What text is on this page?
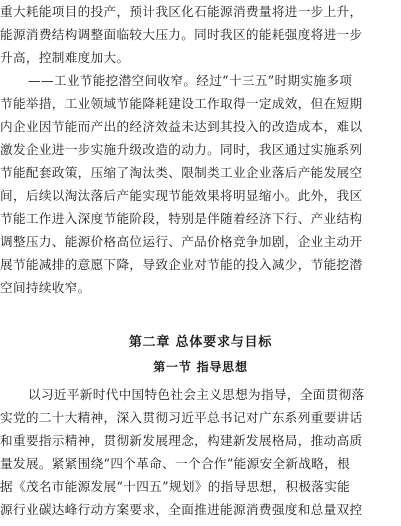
重大耗能项目的投产，预计我区化石能源消费量将进一步上升，
能源消费结构调整面临较大压力。同时我区的能耗强度将进一步
升高，控制难度加大。
——工业节能挖潜空间收窄。经过“十三五”时期实施多项
节能举措，工业领域节能降耗建设工作取得一定成效，但在短期
内企业因节能而产出的经济效益未达到其投入的改造成本，难以
激发企业进一步实施升级改造的动力。同时，我区通过实施系列
节能配套政策，压缩了淘汰类、限制类工业企业落后产能发展空
间，后续以淘汰落后产能实现节能效果将明显缩小。此外，我区
节能工作进入深度节能阶段，特别是伴随着经济下行、产业结构
调整压力、能源价格高位运行、产品价格竞争加剧，企业主动开
展节能减排的意愿下降，导致企业对节能的投入减少，节能挖潜
空间持续收窄。
第二章 总体要求与目标
第一节 指导思想
以习近平新时代中国特色社会主义思想为指导，全面贯彻落
实党的二十大精神，深入贯彻习近平总书记对广东系列重要讲话
和重要指示精神，贯彻新发展理念，构建新发展格局，推动高质
量发展。紧紧围绕“四个革命、一个合作”能源安全新战略，根
据《茂名市能源发展“十四五”规划》的指导思想，积极落实能
源行业碳达峰行动方案要求，全面推进能源消费强度和总量双控
